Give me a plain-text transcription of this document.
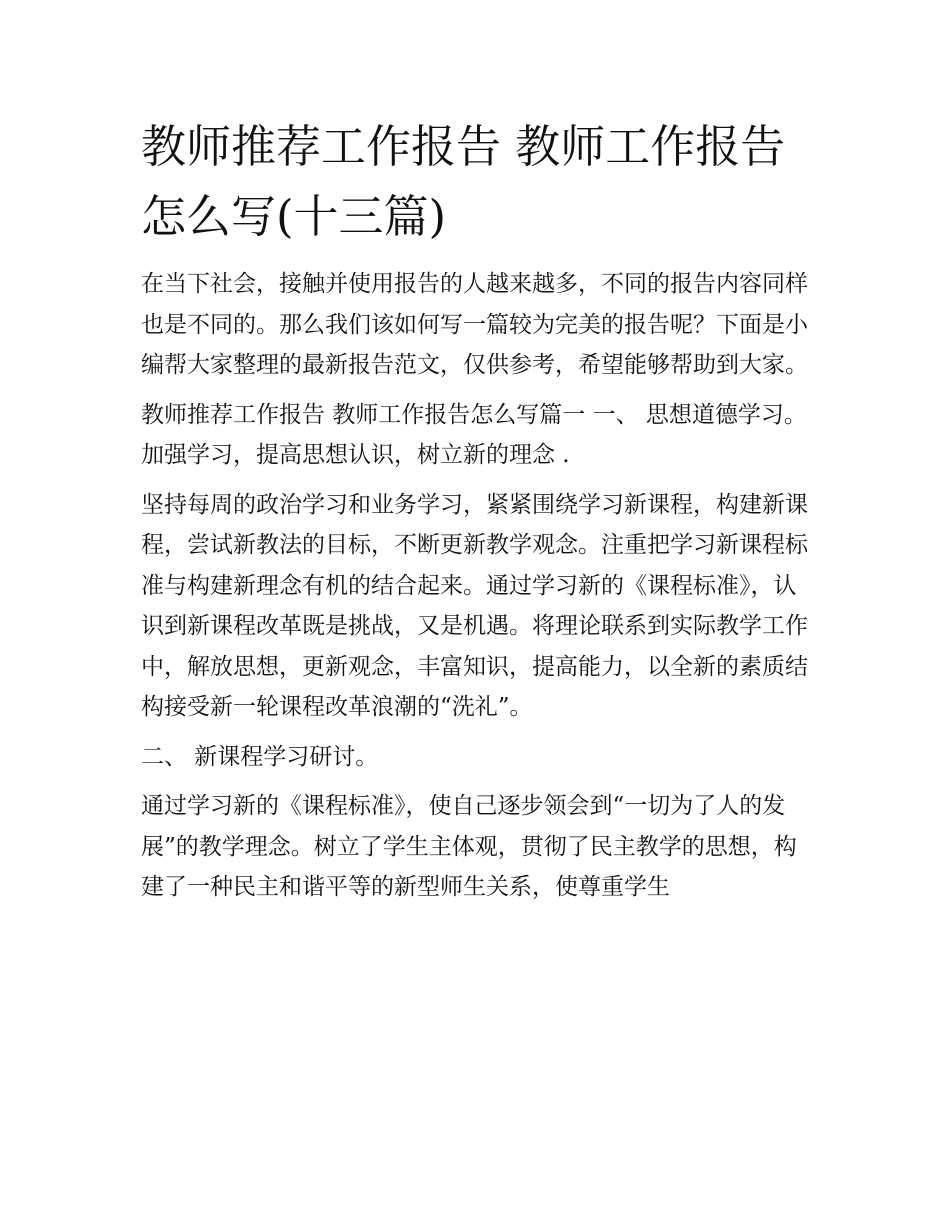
教师推荐工作报告 教师工作报告怎么写(十三篇)

在当下社会，接触并使用报告的人越来越多，不同的报告内容同样也是不同的。那么我们该如何写一篇较为完美的报告呢？下面是小编帮大家整理的最新报告范文，仅供参考，希望能够帮助到大家。

教师推荐工作报告 教师工作报告怎么写篇一 一、 思想道德学习。 加强学习，提高思想认识，树立新的理念 .

坚持每周的政治学习和业务学习，紧紧围绕学习新课程，构建新课程，尝试新教法的目标，不断更新教学观念。注重把学习新课程标准与构建新理念有机的结合起来。通过学习新的《课程标准》，认识到新课程改革既是挑战，又是机遇。将理论联系到实际教学工作中，解放思想，更新观念，丰富知识，提高能力，以全新的素质结构接受新一轮课程改革浪潮的“洗礼”。

二、 新课程学习研讨。

通过学习新的《课程标准》，使自己逐步领会到“一切为了人的发展”的教学理念。树立了学生主体观，贯彻了民主教学的思想，构建了一种民主和谐平等的新型师生关系，使尊重学生
